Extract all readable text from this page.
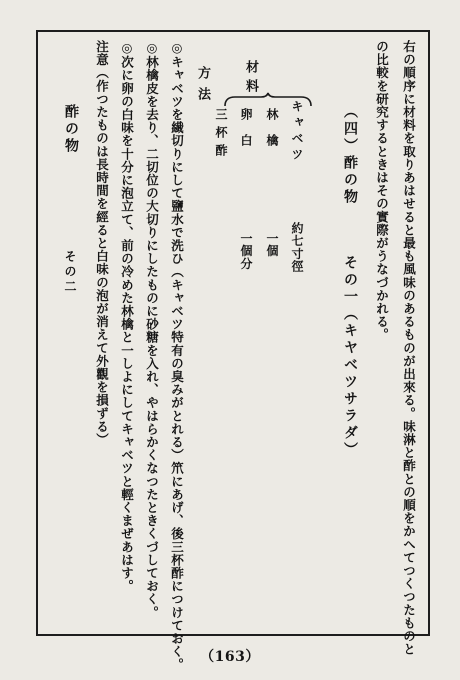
右の順序に材料を取りあはせると最も風味のあるものが出來る。味淋と酢との順をかへてつくつたものと
の比較を研究するときはその實際がうなづかれる。
（四）酢の物
その一（キヤベツサラダ）
材料
キャベツ
約七寸徑
林檎
一個
卵白
一個分
三杯酢
方法
◎キャベツを繊切りにして鹽水で洗ひ（キャベツ特有の臭みがとれる）笊にあげ、後三杯酢につけておく。
◎林檎皮を去り、二切位の大切りにしたものに砂糖を入れ、やはらかくなつたときくづしておく。
◎次に卵の白味を十分に泡立て、前の冷めた林檎と一しよにしてキャベツと輕くまぜあはす。
注意（作つたものは長時間を經ると白味の泡が消えて外觀を損ずる）
酢の物
その二
（163）
